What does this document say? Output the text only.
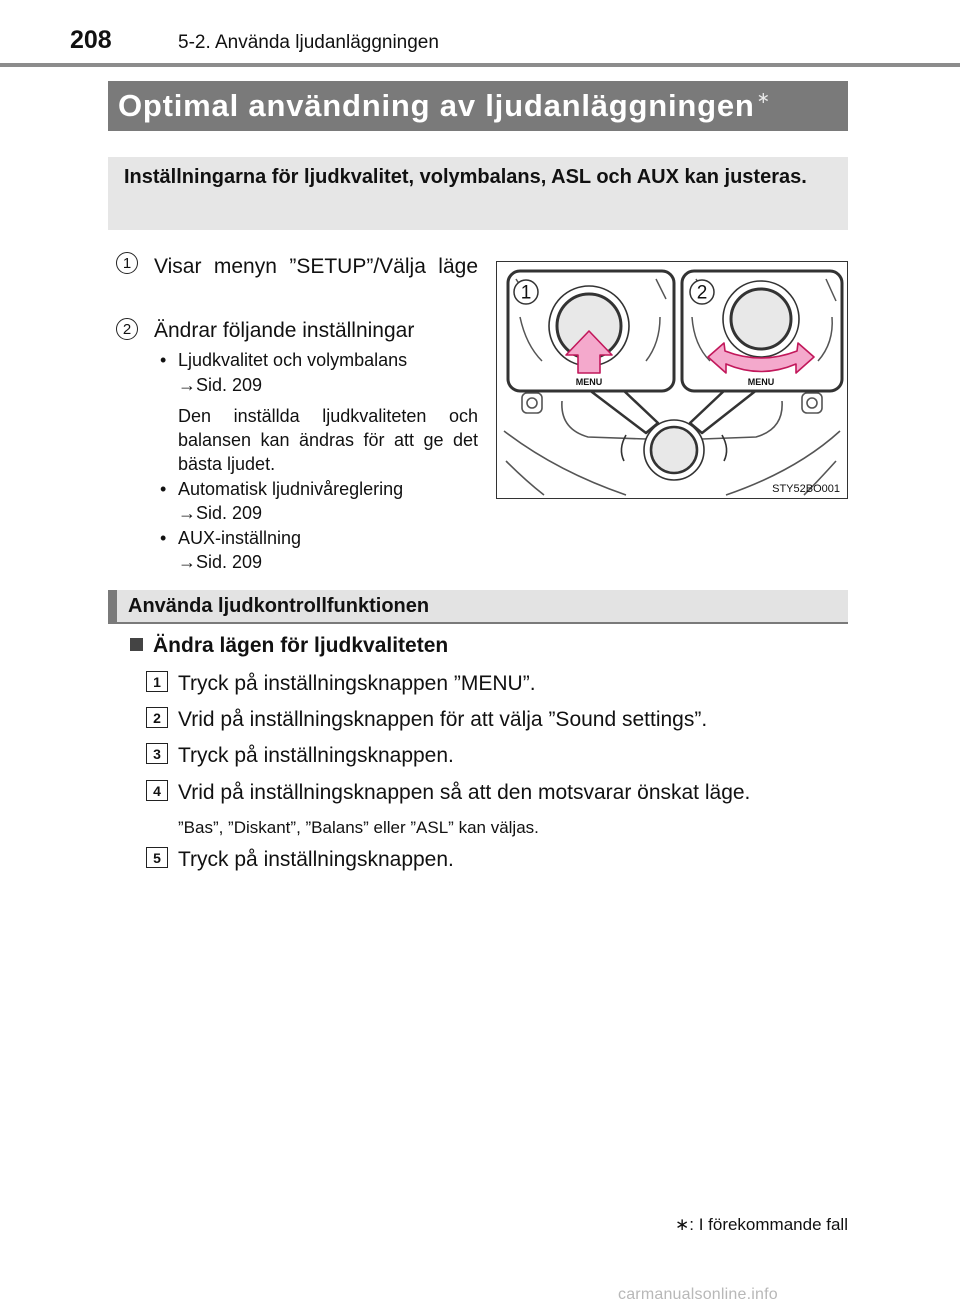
208	5-2. Använda ljudanläggningen
Optimal användning av ljudanläggningen ∗
Inställningarna för ljudkvalitet, volymbalans, ASL och AUX kan justeras.
1	Visar menyn ”SETUP”/Välja läge
2	Ändrar följande inställningar
• Ljudkvalitet och volymbalans
→Sid. 209
Den inställda ljudkvaliteten och balansen kan ändras för att ge det bästa ljudet.
• Automatisk ljudnivåreglering
→Sid. 209
• AUX-inställning
→Sid. 209
1
MENU
2
MENU
STY52BO001
Använda ljudkontrollfunktionen
Ändra lägen för ljudkvaliteten
1 Tryck på inställningsknappen ”MENU”.
2 Vrid på inställningsknappen för att välja ”Sound settings”.
3 Tryck på inställningsknappen.
4 Vrid på inställningsknappen så att den motsvarar önskat läge.
”Bas”, ”Diskant”, ”Balans” eller ”ASL” kan väljas.
5 Tryck på inställningsknappen.
∗: I förekommande fall
carmanualsonline.info
